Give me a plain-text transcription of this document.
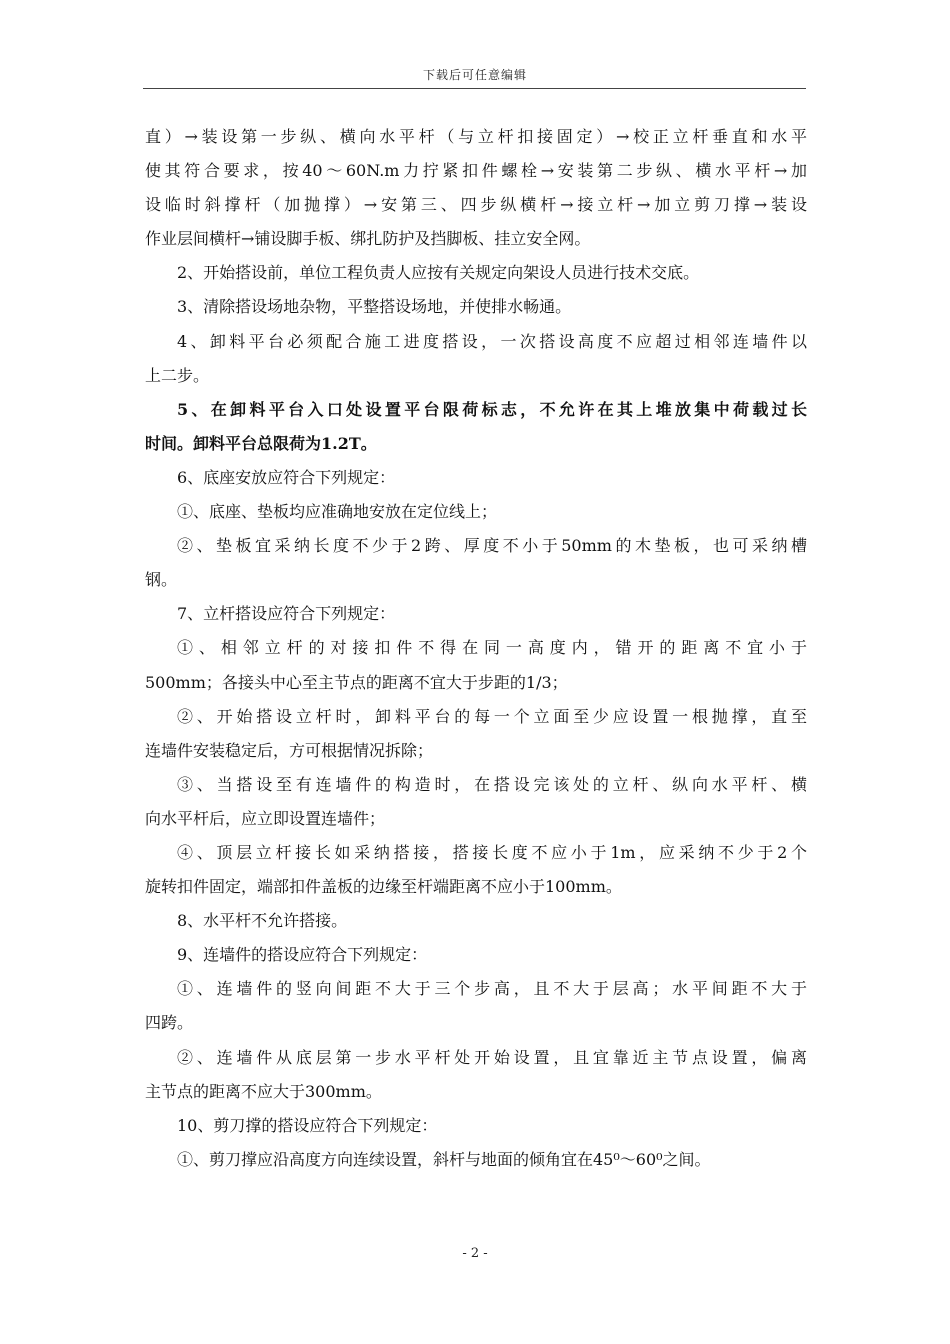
下载后可任意编辑
直）→装设第一步纵、横向水平杆（与立杆扣接固定）→校正立杆垂直和水平
使其符合要求，按40～60N.m力拧紧扣件螺栓→安装第二步纵、横水平杆→加
设临时斜撑杆（加抛撑）→安第三、四步纵横杆→接立杆→加立剪刀撑→装设
作业层间横杆→铺设脚手板、绑扎防护及挡脚板、挂立安全网。
2、开始搭设前，单位工程负责人应按有关规定向架设人员进行技术交底。
3、清除搭设场地杂物，平整搭设场地，并使排水畅通。
4、卸料平台必须配合施工进度搭设，一次搭设高度不应超过相邻连墙件以
上二步。
5、在卸料平台入口处设置平台限荷标志，不允许在其上堆放集中荷载过长
时间。卸料平台总限荷为1.2T。
6、底座安放应符合下列规定：
①、底座、垫板均应准确地安放在定位线上；
②、垫板宜采纳长度不少于2跨、厚度不小于50mm的木垫板，也可采纳槽
钢。
7、立杆搭设应符合下列规定：
①、相邻立杆的对接扣件不得在同一高度内，错开的距离不宜小于
500mm；各接头中心至主节点的距离不宜大于步距的1/3；
②、开始搭设立杆时，卸料平台的每一个立面至少应设置一根抛撑，直至
连墙件安装稳定后，方可根据情况拆除；
③、当搭设至有连墙件的构造时，在搭设完该处的立杆、纵向水平杆、横
向水平杆后，应立即设置连墙件；
④、顶层立杆接长如采纳搭接，搭接长度不应小于1m，应采纳不少于2个
旋转扣件固定，端部扣件盖板的边缘至杆端距离不应小于100mm。
8、水平杆不允许搭接。
9、连墙件的搭设应符合下列规定：
①、连墙件的竖向间距不大于三个步高，且不大于层高；水平间距不大于
四跨。
②、连墙件从底层第一步水平杆处开始设置，且宜靠近主节点设置，偏离
主节点的距离不应大于300mm。
10、剪刀撑的搭设应符合下列规定：
①、剪刀撑应沿高度方向连续设置，斜杆与地面的倾角宜在45⁰～60⁰之间。
- 2 -
